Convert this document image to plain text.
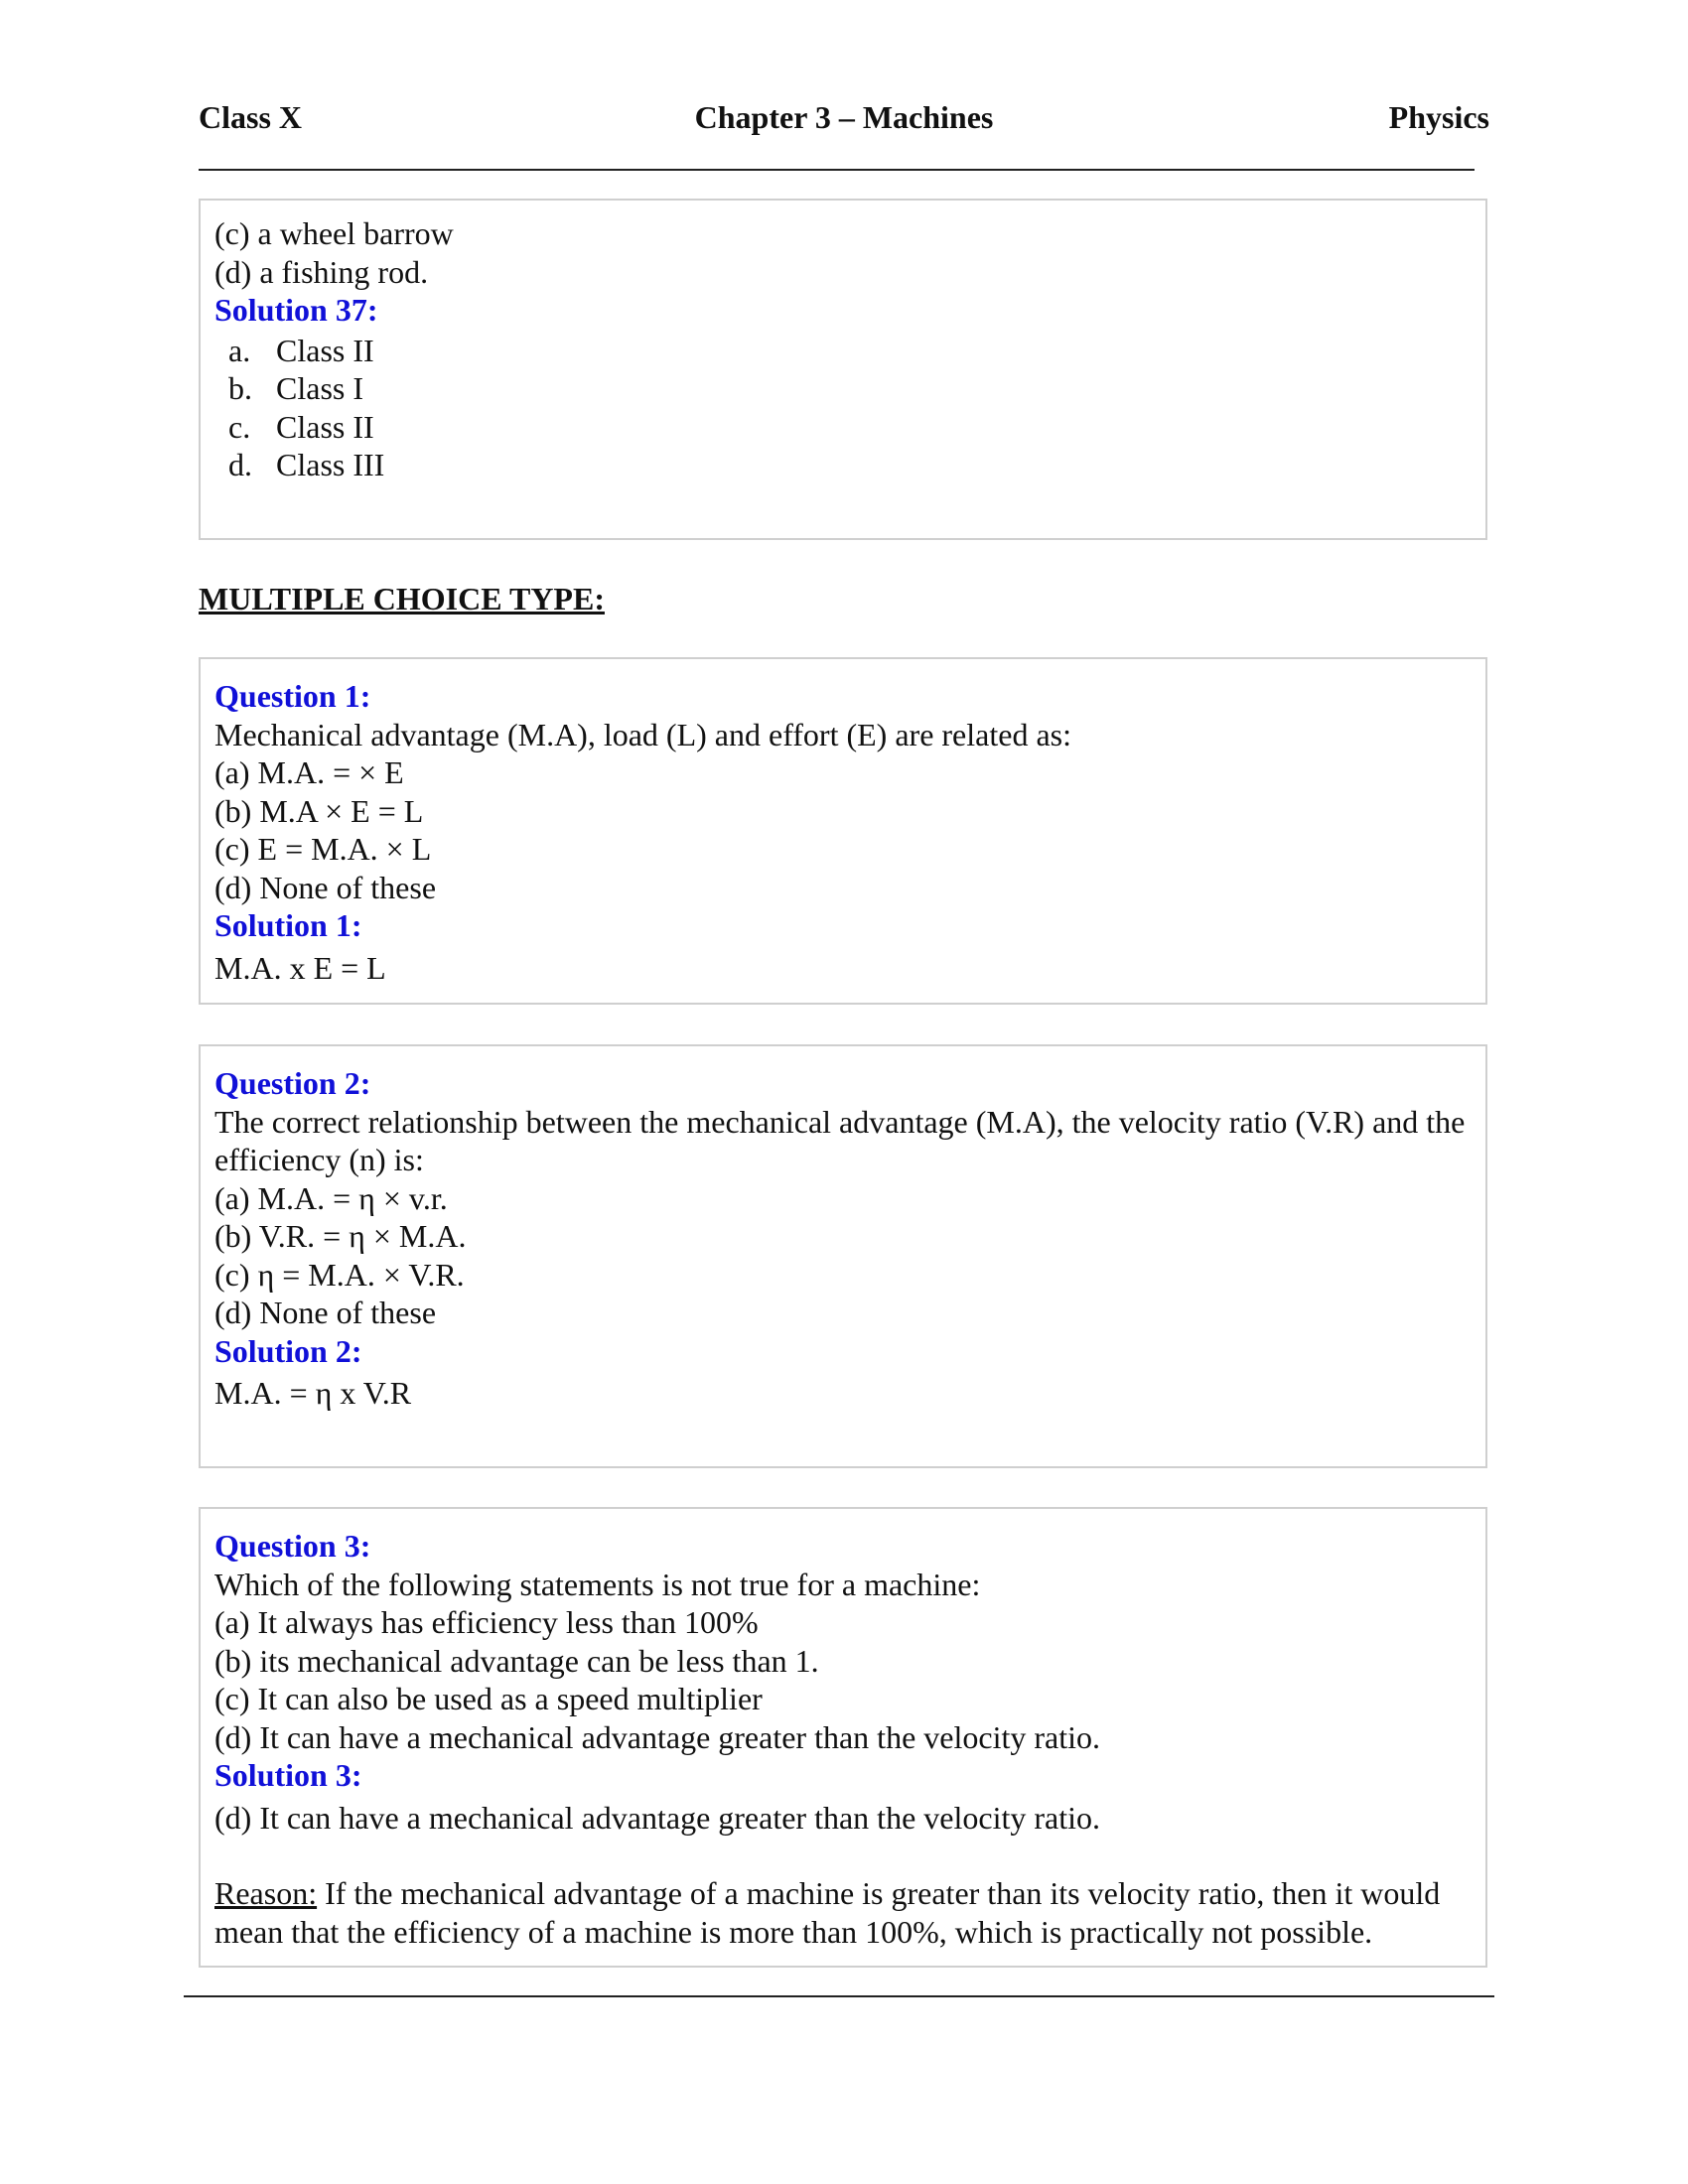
Class X	Chapter 3 – Machines	Physics

(c) a wheel barrow

(d) a fishing rod.

Solution 37:

a. Class II
b. Class I
c. Class II
d. Class III
MULTIPLE CHOICE TYPE:

Question 1:

Mechanical advantage (M.A), load (L) and effort (E) are related as:

(a) M.A. = × E

(b) M.A × E = L

(c) E = M.A. × L

(d) None of these

Solution 1:

M.A. x E = L

Question 2:

The correct relationship between the mechanical advantage (M.A), the velocity ratio (V.R) and the efficiency (n) is:

(a) M.A. = η × v.r.

(b) V.R. = η × M.A.

(c) η = M.A. × V.R.

(d) None of these

Solution 2:

M.A. = η x V.R

Question 3:

Which of the following statements is not true for a machine:

(a) It always has efficiency less than 100%

(b) its mechanical advantage can be less than 1.

(c) It can also be used as a speed multiplier

(d) It can have a mechanical advantage greater than the velocity ratio.

Solution 3:

(d) It can have a mechanical advantage greater than the velocity ratio.

Reason: If the mechanical advantage of a machine is greater than its velocity ratio, then it would mean that the efficiency of a machine is more than 100%, which is practically not possible.
